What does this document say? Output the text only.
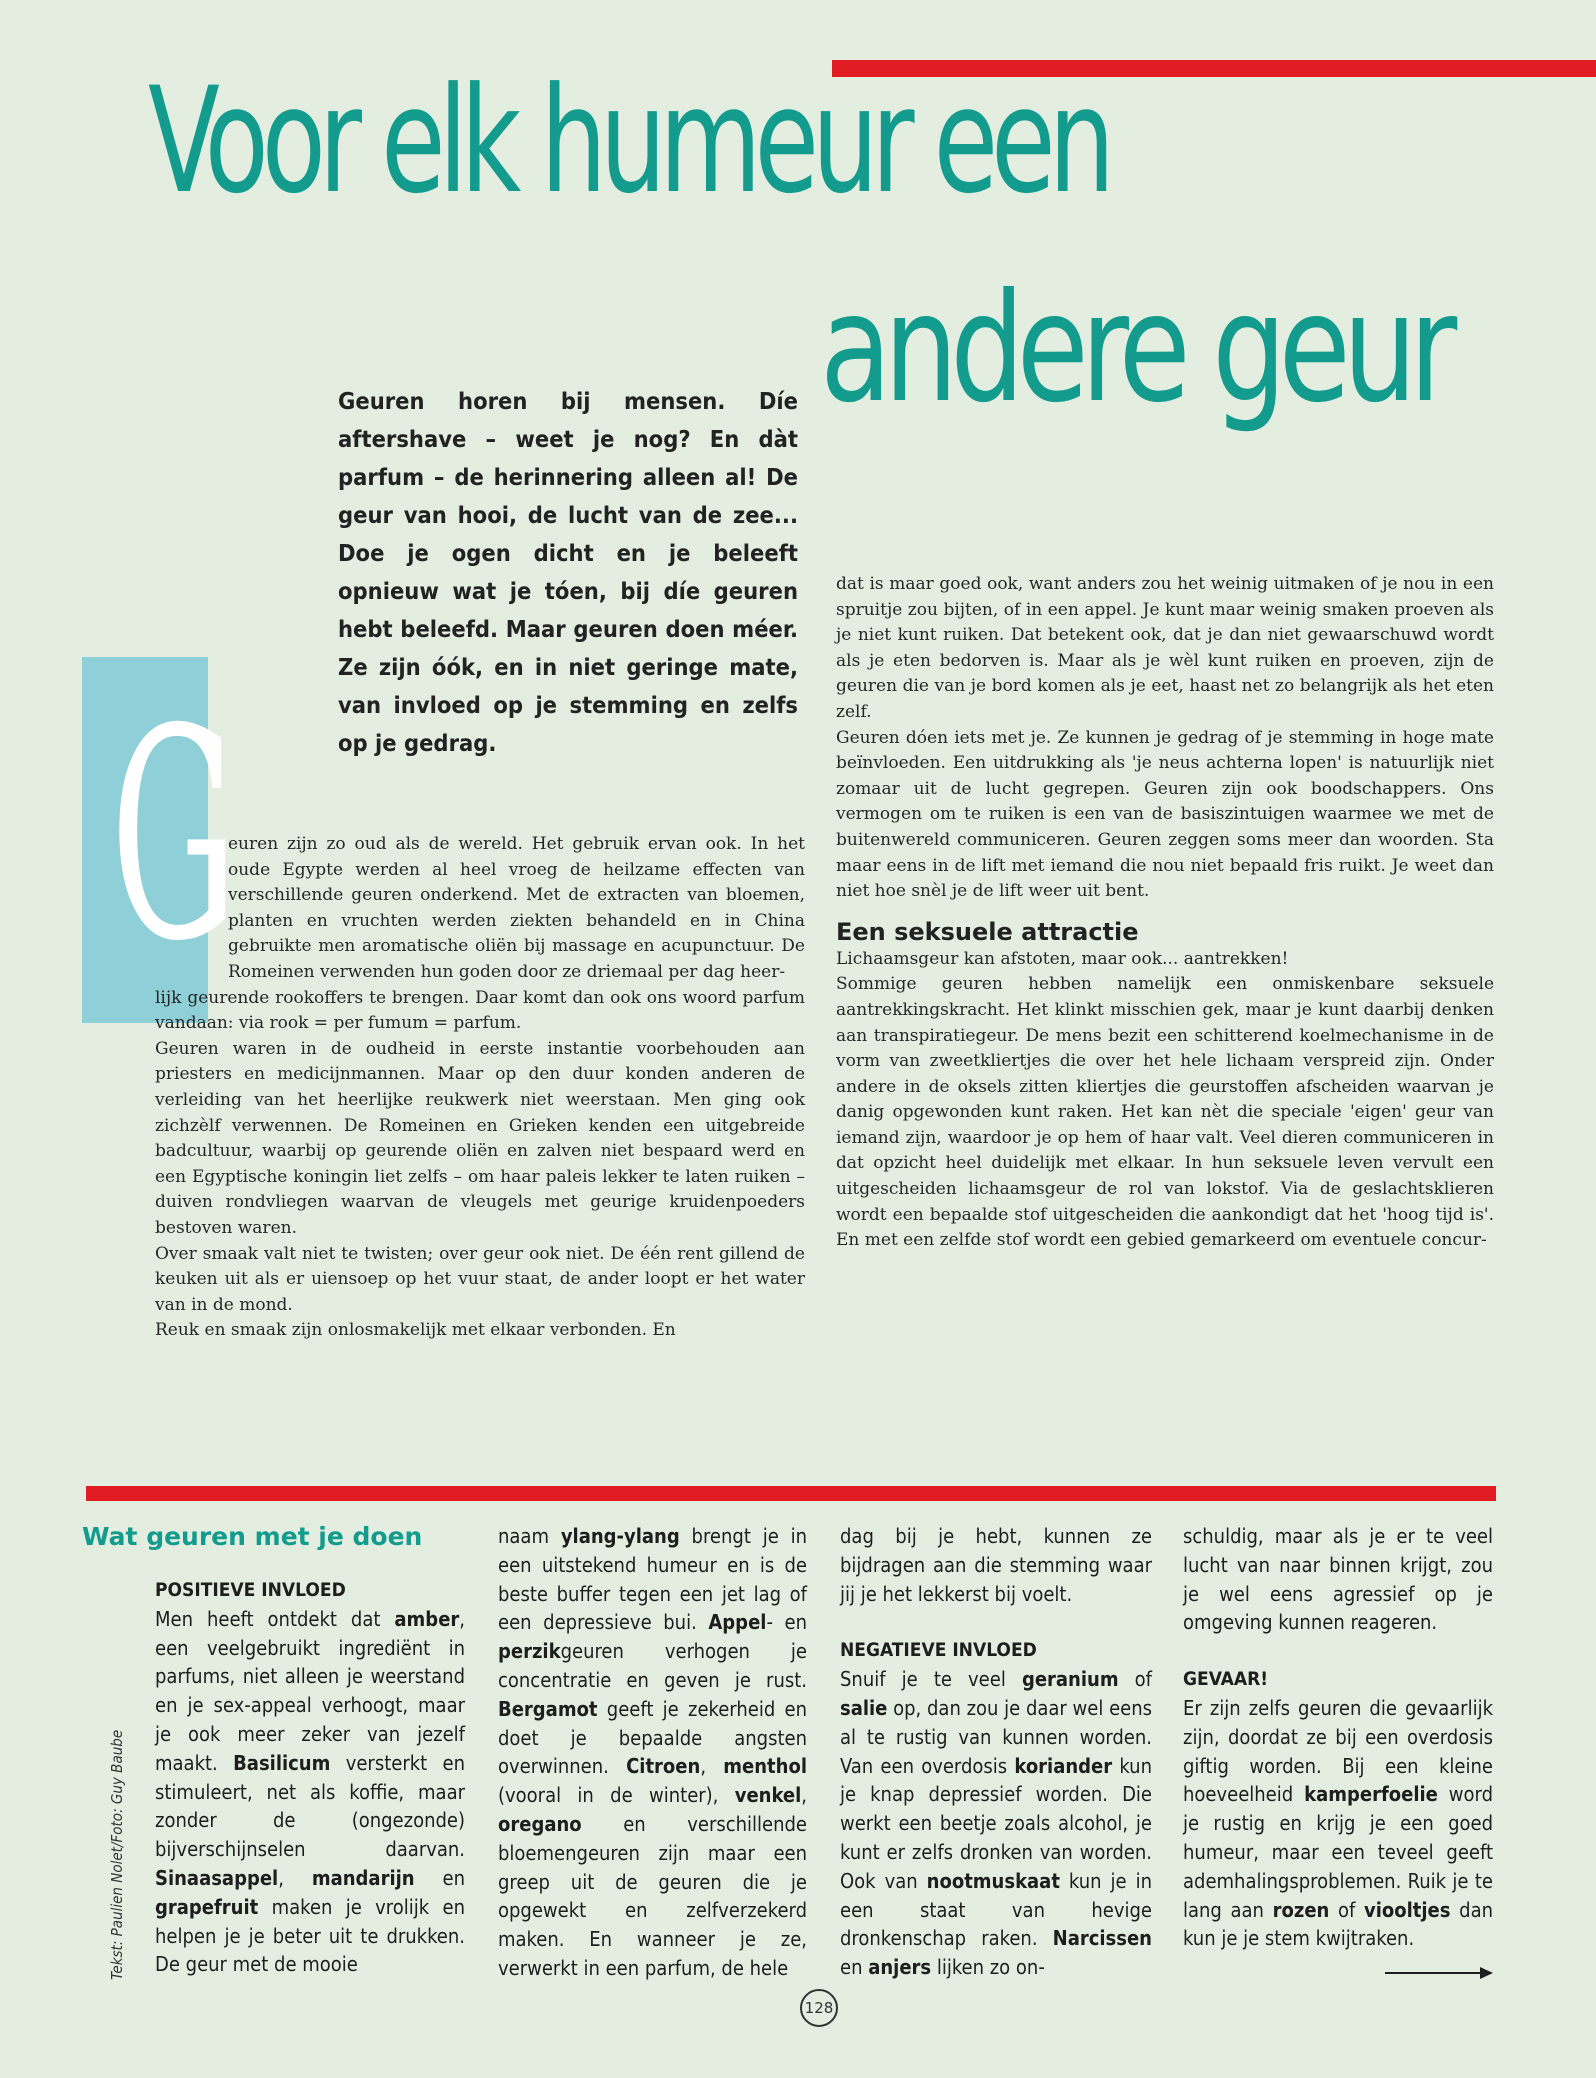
Voor elk humeur een
andere geur

Geuren horen bij mensen. Díe aftershave – weet je nog? En dàt parfum – de herinnering alleen al! De geur van hooi, de lucht van de zee... Doe je ogen dicht en je beleeft opnieuw wat je tóen, bij díe geuren hebt beleefd. Maar geuren doen méer. Ze zijn óók, en in niet geringe mate, van invloed op je stemming en zelfs op je gedrag.

G

euren zijn zo oud als de wereld. Het gebruik ervan ook. In het oude Egypte werden al heel vroeg de heilzame effecten van verschillende geuren onderkend. Met de extracten van bloemen, planten en vruchten werden ziekten behandeld en in China gebruikte men aromatische oliën bij massage en acupunctuur. De Romeinen verwenden hun goden door ze driemaal per dag heer-

lijk geurende rookoffers te brengen. Daar komt dan ook ons woord parfum vandaan: via rook = per fumum = parfum.

Geuren waren in de oudheid in eerste instantie voorbehouden aan priesters en medicijnmannen. Maar op den duur konden anderen de verleiding van het heerlijke reukwerk niet weerstaan. Men ging ook zichzèlf verwennen. De Romeinen en Grieken kenden een uitgebreide badcultuur, waarbij op geurende oliën en zalven niet bespaard werd en een Egyptische koningin liet zelfs – om haar paleis lekker te laten ruiken – duiven rondvliegen waarvan de vleugels met geurige kruidenpoeders bestoven waren.

Over smaak valt niet te twisten; over geur ook niet. De één rent gillend de keuken uit als er uiensoep op het vuur staat, de ander loopt er het water van in de mond.

Reuk en smaak zijn onlosmakelijk met elkaar verbonden. En

dat is maar goed ook, want anders zou het weinig uitmaken of je nou in een spruitje zou bijten, of in een appel. Je kunt maar weinig smaken proeven als je niet kunt ruiken. Dat betekent ook, dat je dan niet gewaarschuwd wordt als je eten bedorven is. Maar als je wèl kunt ruiken en proeven, zijn de geuren die van je bord komen als je eet, haast net zo belangrijk als het eten zelf.

Geuren dóen iets met je. Ze kunnen je gedrag of je stemming in hoge mate beïnvloeden. Een uitdrukking als 'je neus achterna lopen' is natuurlijk niet zomaar uit de lucht gegrepen. Geuren zijn ook boodschappers. Ons vermogen om te ruiken is een van de basiszintuigen waarmee we met de buitenwereld communiceren. Geuren zeggen soms meer dan woorden. Sta maar eens in de lift met iemand die nou niet bepaald fris ruikt. Je weet dan niet hoe snèl je de lift weer uit bent.

Een seksuele attractie

Lichaamsgeur kan afstoten, maar ook... aantrekken!

Sommige geuren hebben namelijk een onmiskenbare seksuele aantrekkingskracht. Het klinkt misschien gek, maar je kunt daarbij denken aan transpiratiegeur. De mens bezit een schitterend koelmechanisme in de vorm van zweetkliertjes die over het hele lichaam verspreid zijn. Onder andere in de oksels zitten kliertjes die geurstoffen afscheiden waarvan je danig opgewonden kunt raken. Het kan nèt die speciale 'eigen' geur van iemand zijn, waardoor je op hem of haar valt. Veel dieren communiceren in dat opzicht heel duidelijk met elkaar. In hun seksuele leven vervult een uitgescheiden lichaamsgeur de rol van lokstof. Via de geslachtsklieren wordt een bepaalde stof uitgescheiden die aankondigt dat het 'hoog tijd is'. En met een zelfde stof wordt een gebied gemarkeerd om eventuele concur-

Wat geuren met je doen

POSITIEVE INVLOED

Men heeft ontdekt dat amber, een veelgebruikt ingrediënt in parfums, niet alleen je weerstand en je sex-appeal verhoogt, maar je ook meer zeker van jezelf maakt. Basilicum versterkt en stimuleert, net als koffie, maar zonder de (ongezonde) bijverschijnselen daarvan. Sinaasappel, mandarijn en grapefruit maken je vrolijk en helpen je je beter uit te drukken. De geur met de mooie

naam ylang-ylang brengt je in een uitstekend humeur en is de beste buffer tegen een jet lag of een depressieve bui. Appel- en perzikgeuren verhogen je concentratie en geven je rust. Bergamot geeft je zekerheid en doet je bepaalde angsten overwinnen. Citroen, menthol (vooral in de winter), venkel, oregano en verschillende bloemengeuren zijn maar een greep uit de geuren die je opgewekt en zelfverzekerd maken. En wanneer je ze, verwerkt in een parfum, de hele

dag bij je hebt, kunnen ze bijdragen aan die stemming waar jij je het lekkerst bij voelt.

NEGATIEVE INVLOED

Snuif je te veel geranium of salie op, dan zou je daar wel eens al te rustig van kunnen worden. Van een overdosis koriander kun je knap depressief worden. Die werkt een beetje zoals alcohol, je kunt er zelfs dronken van worden. Ook van nootmuskaat kun je in een staat van hevige dronkenschap raken. Narcissen en anjers lijken zo on-

schuldig, maar als je er te veel lucht van naar binnen krijgt, zou je wel eens agressief op je omgeving kunnen reageren.

GEVAAR!

Er zijn zelfs geuren die gevaarlijk zijn, doordat ze bij een overdosis giftig worden. Bij een kleine hoeveelheid kamperfoelie word je rustig en krijg je een goed humeur, maar een teveel geeft ademhalingsproblemen. Ruik je te lang aan rozen of viooltjes dan kun je je stem kwijtraken.

Tekst: Paulien Nolet/Foto: Guy Baube

128
